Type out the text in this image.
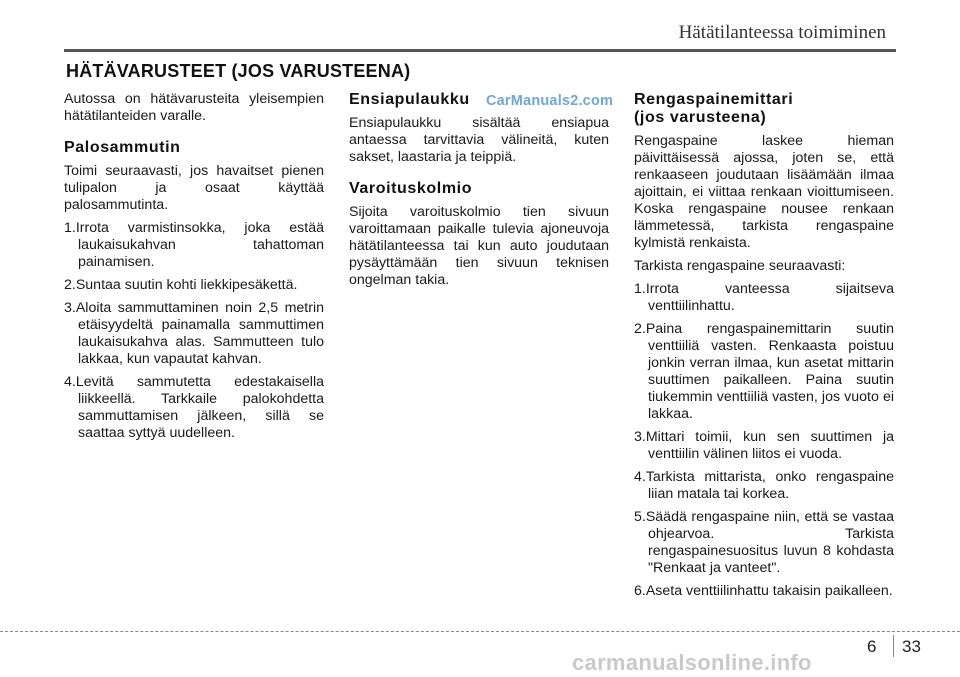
Hätätilanteessa toimiminen
HÄTÄVARUSTEET (JOS VARUSTEENA)

Autossa on hätävarusteita yleisempien hätätilanteiden varalle.

Palosammutin

Toimi seuraavasti, jos havaitset pienen tulipalon ja osaat käyttää palosammutinta.

1.Irrota varmistinsokka, joka estää laukaisukahvan tahattoman painamisen.
2.Suntaa suutin kohti liekkipesäkettä.
3.Aloita sammuttaminen noin 2,5 metrin etäisyydeltä painamalla sammuttimen laukaisukahva alas. Sammutteen tulo lakkaa, kun vapautat kahvan.
4.Levitä sammutetta edestakaisella liikkeellä. Tarkkaile palokohdetta sammuttamisen jälkeen, sillä se saattaa syttyä uudelleen.
Ensiapulaukku

Ensiapulaukku sisältää ensiapua antaessa tarvittavia välineitä, kuten sakset, laastaria ja teippiä.

Varoituskolmio

Sijoita varoituskolmio tien sivuun varoittamaan paikalle tulevia ajoneuvoja hätätilanteessa tai kun auto joudutaan pysäyttämään tien sivuun teknisen ongelman takia.

CarManuals2.com Rengaspainemittari
(jos varusteena)

Rengaspaine laskee hieman päivittäisessä ajossa, joten se, että renkaaseen joudutaan lisäämään ilmaa ajoittain, ei viittaa renkaan vioittumiseen. Koska rengaspaine nousee renkaan lämmetessä, tarkista rengaspaine kylmistä renkaista.

Tarkista rengaspaine seuraavasti:

1.Irrota vanteessa sijaitseva venttiilinhattu.
2.Paina rengaspainemittarin suutin venttiiliä vasten. Renkaasta poistuu jonkin verran ilmaa, kun asetat mittarin suuttimen paikalleen. Paina suutin tiukemmin venttiiliä vasten, jos vuoto ei lakkaa.
3.Mittari toimii, kun sen suuttimen ja venttiilin välinen liitos ei vuoda.
4.Tarkista mittarista, onko rengaspaine liian matala tai korkea.
5.Säädä rengaspaine niin, että se vastaa ohjearvoa. Tarkista rengaspainesuositus luvun 8 kohdasta "Renkaat ja vanteet".
6.Aseta venttiilinhattu takaisin paikalleen.
6 33
carmanualsonline.info
